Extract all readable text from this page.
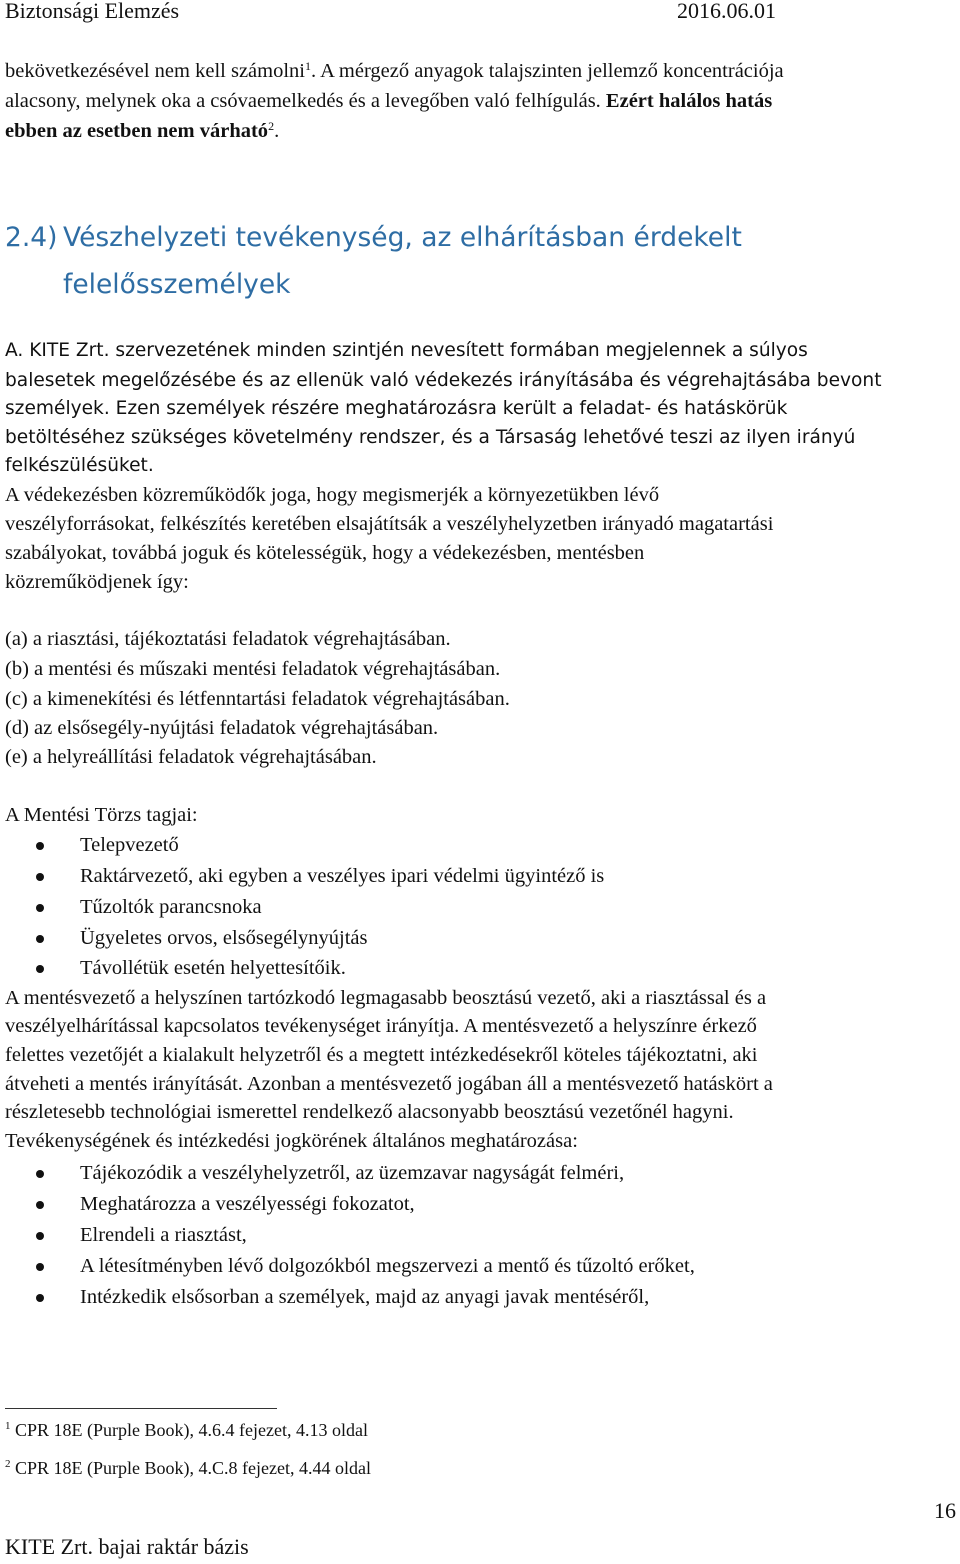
Biztonsági Elemzés	2016.06.01
bekövetkezésével nem kell számolni$^1$. A mérgező anyagok talajszinten jellemző koncentrációja
alacsony, melynek oka a csóvaemelkedés és a levegőben való felhígulás. Ezért halálos hatás
ebben az esetben nem várható$^2$.
2.4) Vészhelyzeti tevékenység, az elhárításban érdekelt
felelősszemélyek
A. KITE Zrt. szervezetének minden szintjén nevesített formában megjelennek a súlyos
balesetek megelőzésébe és az ellenük való védekezés irányításába és végrehajtásába bevont
személyek. Ezen személyek részére meghatározásra került a feladat- és hatáskörük
betöltéséhez szükséges követelmény rendszer, és a Társaság lehetővé teszi az ilyen irányú
felkészülésüket.
A védekezésben közreműködők joga, hogy megismerjék a környezetükben lévő
veszélyforrásokat, felkészítés keretében elsajátítsák a veszélyhelyzetben irányadó magatartási
szabályokat, továbbá joguk és kötelességük, hogy a védekezésben, mentésben
közreműködjenek így:
(a) a riasztási, tájékoztatási feladatok végrehajtásában.
(b) a mentési és műszaki mentési feladatok végrehajtásában.
(c) a kimenekítési és létfenntartási feladatok végrehajtásában.
(d) az elsősegély-nyújtási feladatok végrehajtásában.
(e) a helyreállítási feladatok végrehajtásában.
A Mentési Törzs tagjai:
Telepvezető
Raktárvezető, aki egyben a veszélyes ipari védelmi ügyintéző is
Tűzoltók parancsnoka
Ügyeletes orvos, elsősegélynyújtás
Távollétük esetén helyettesítőik.
A mentésvezető a helyszínen tartózkodó legmagasabb beosztású vezető, aki a riasztással és a
veszélyelhárítással kapcsolatos tevékenységet irányítja. A mentésvezető a helyszínre érkező
felettes vezetőjét a kialakult helyzetről és a megtett intézkedésekről köteles tájékoztatni, aki
átveheti a mentés irányítását. Azonban a mentésvezető jogában áll a mentésvezető hatáskört a
részletesebb technológiai ismerettel rendelkező alacsonyabb beosztású vezetőnél hagyni.
Tevékenységének és intézkedési jogkörének általános meghatározása:
Tájékozódik a veszélyhelyzetről, az üzemzavar nagyságát felméri,
Meghatározza a veszélyességi fokozatot,
Elrendeli a riasztást,
A létesítményben lévő dolgozókból megszervezi a mentő és tűzoltó erőket,
Intézkedik elsősorban a személyek, majd az anyagi javak mentéséről,
$^1$ CPR 18E (Purple Book), 4.6.4 fejezet, 4.13 oldal
$^2$ CPR 18E (Purple Book), 4.C.8 fejezet, 4.44 oldal
16
KITE Zrt. bajai raktár bázis
